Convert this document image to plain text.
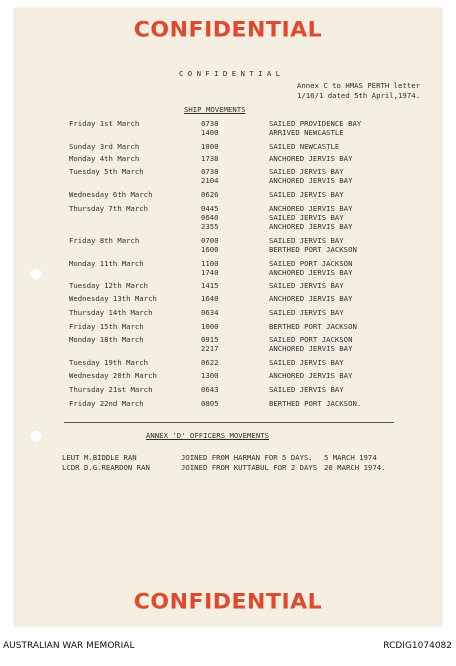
CONFIDENTIAL
C O N F I D E N T I A L
Annex C to HMAS PERTH letter
1/16/1 dated 5th April,1974.
SHIP MOVEMENTS
Friday 1st March	0730	SAILED PROVIDENCE BAY
1400	ARRIVED NEWCASTLE
Sunday 3rd March	1800	SAILED NEWCASTLE
Monday 4th March	1738	ANCHORED JERVIS BAY
Tuesday 5th March	0730	SAILED JERVIS BAY
2104	ANCHORED JERVIS BAY
Wednesday 6th March	0626	SAILED JERVIS BAY
Thursday 7th March	0445	ANCHORED JERVIS BAY
0640	SAILED JERVIS BAY
2355	ANCHORED JERVIS BAY
Friday 8th March	0700	SAILED JERVIS BAY
1600	BERTHED PORT JACKSON
Monday 11th March	1100	SAILED PORT JACKSON
1740	ANCHORED JERVIS BAY
Tuesday 12th March	1415	SAILED JERVIS BAY
Wednesday 13th March	1640	ANCHORED JERVIS BAY
Thursday 14th March	0634	SAILED JERVIS BAY
Friday 15th March	1000	BERTHED PORT JACKSON
Monday 18th March	0915	SAILED PORT JACKSON
2217	ANCHORED JERVIS BAY
Tuesday 19th March	0622	SAILED JERVIS BAY
Wednesday 20th March	1300	ANCHORED JERVIS BAY
Thursday 21st March	0643	SAILED JERVIS BAY
Friday 22nd March	0805	BERTHED PORT JACKSON.
ANNEX 'D' OFFICERS MOVEMENTS
LEUT M.BIDDLE RAN	JOINED FROM HARMAN FOR 5 DAYS. 5 MARCH 1974
LCDR D.G.REARDON RAN	JOINED FROM KUTTABUL FOR 2 DAYS 20 MARCH 1974.
CONFIDENTIAL
AUSTRALIAN WAR MEMORIAL	RCDIG1074082
